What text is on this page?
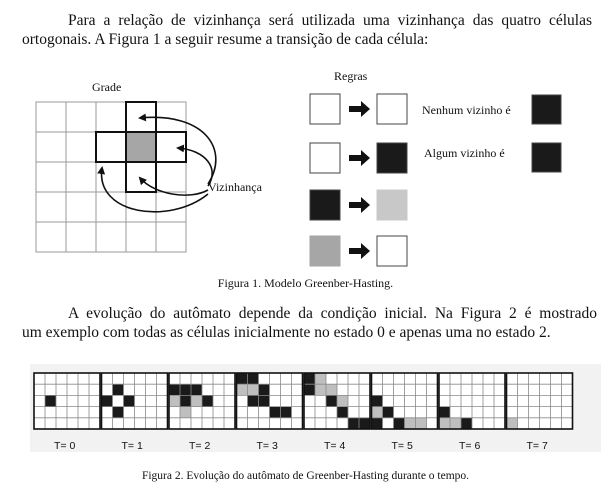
Para a relação de vizinhança será utilizada uma vizinhança das quatro células
ortogonais. A Figura 1 a seguir resume a transição de cada célula:

Grade
Regras
Vizinhança
Nenhum vizinho é
Algum vizinho é
Figura 1. Modelo Greenber-Hasting.

A evolução do autômato depende da condição inicial. Na Figura 2 é mostrado
um exemplo com todas as células inicialmente no estado 0 e apenas uma no estado 2.

T= 0	T= 1	T= 2	T= 3	T= 4	T= 5	T= 6	T= 7
Figura 2. Evolução do autômato de Greenber-Hasting durante o tempo.
